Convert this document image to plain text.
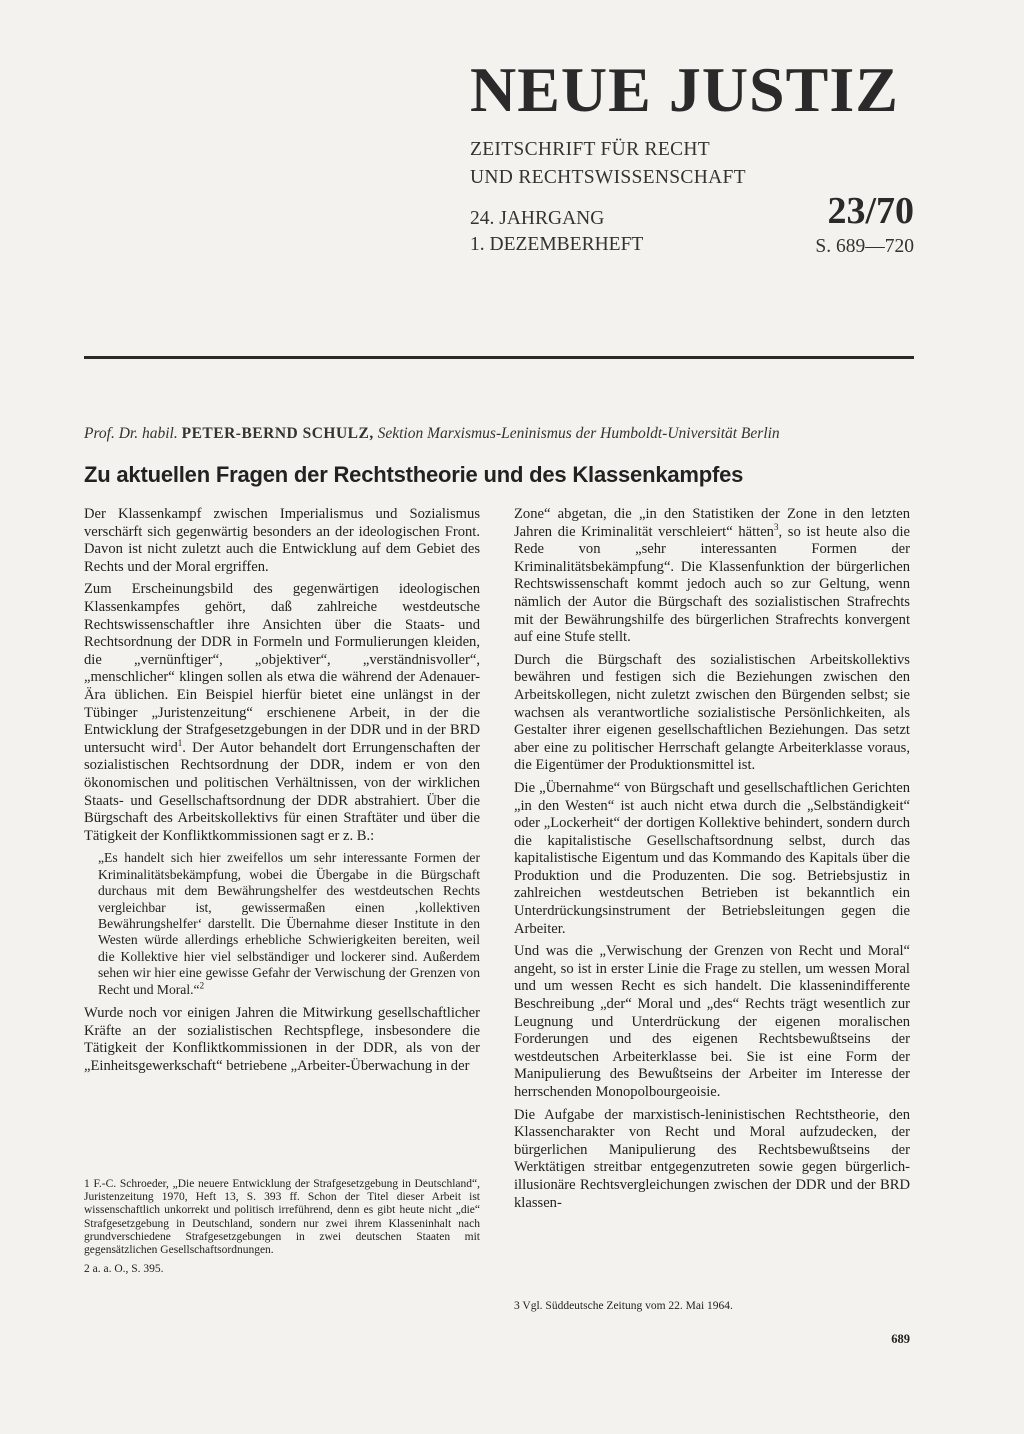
NEUE JUSTIZ
ZEITSCHRIFT FÜR RECHT
UND RECHTSWISSENSCHAFT
24. JAHRGANG
1. DEZEMBERHEFT
23/70
S. 689—720
Prof. Dr. habil. PETER-BERND SCHULZ, Sektion Marxismus-Leninismus der Humboldt-Universität Berlin
Zu aktuellen Fragen der Rechtstheorie und des Klassenkampfes

Der Klassenkampf zwischen Imperialismus und Sozialismus verschärft sich gegenwärtig besonders an der ideologischen Front. Davon ist nicht zuletzt auch die Entwicklung auf dem Gebiet des Rechts und der Moral ergriffen.

Zum Erscheinungsbild des gegenwärtigen ideologischen Klassenkampfes gehört, daß zahlreiche westdeutsche Rechtswissenschaftler ihre Ansichten über die Staats- und Rechtsordnung der DDR in Formeln und Formulierungen kleiden, die „vernünftiger“, „objektiver“, „verständnisvoller“, „menschlicher“ klingen sollen als etwa die während der Adenauer-Ära üblichen. Ein Beispiel hierfür bietet eine unlängst in der Tübinger „Juristenzeitung“ erschienene Arbeit, in der die Entwicklung der Strafgesetzgebungen in der DDR und in der BRD untersucht wird$^1$. Der Autor behandelt dort Errungenschaften der sozialistischen Rechtsordnung der DDR, indem er von den ökonomischen und politischen Verhältnissen, von der wirklichen Staats- und Gesellschaftsordnung der DDR abstrahiert. Über die Bürgschaft des Arbeitskollektivs für einen Straftäter und über die Tätigkeit der Konfliktkommissionen sagt er z. B.:

„Es handelt sich hier zweifellos um sehr interessante Formen der Kriminalitätsbekämpfung, wobei die Übergabe in die Bürgschaft durchaus mit dem Bewährungshelfer des westdeutschen Rechts vergleichbar ist, gewissermaßen einen ‚kollektiven Bewährungshelfer‘ darstellt. Die Übernahme dieser Institute in den Westen würde allerdings erhebliche Schwierigkeiten bereiten, weil die Kollektive hier viel selbständiger und lockerer sind. Außerdem sehen wir hier eine gewisse Gefahr der Verwischung der Grenzen von Recht und Moral.“$^2$

Wurde noch vor einigen Jahren die Mitwirkung gesellschaftlicher Kräfte an der sozialistischen Rechtspflege, insbesondere die Tätigkeit der Konfliktkommissionen in der DDR, als von der „Einheitsgewerkschaft“ betriebene „Arbeiter-Überwachung in der

Zone“ abgetan, die „in den Statistiken der Zone in den letzten Jahren die Kriminalität verschleiert“ hätten$^3$, so ist heute also die Rede von „sehr interessanten Formen der Kriminalitätsbekämpfung“. Die Klassenfunktion der bürgerlichen Rechtswissenschaft kommt jedoch auch so zur Geltung, wenn nämlich der Autor die Bürgschaft des sozialistischen Strafrechts mit der Bewährungshilfe des bürgerlichen Strafrechts konvergent auf eine Stufe stellt.

Durch die Bürgschaft des sozialistischen Arbeitskollektivs bewähren und festigen sich die Beziehungen zwischen den Arbeitskollegen, nicht zuletzt zwischen den Bürgenden selbst; sie wachsen als verantwortliche sozialistische Persönlichkeiten, als Gestalter ihrer eigenen gesellschaftlichen Beziehungen. Das setzt aber eine zu politischer Herrschaft gelangte Arbeiterklasse voraus, die Eigentümer der Produktionsmittel ist.

Die „Übernahme“ von Bürgschaft und gesellschaftlichen Gerichten „in den Westen“ ist auch nicht etwa durch die „Selbständigkeit“ oder „Lockerheit“ der dortigen Kollektive behindert, sondern durch die kapitalistische Gesellschaftsordnung selbst, durch das kapitalistische Eigentum und das Kommando des Kapitals über die Produktion und die Produzenten. Die sog. Betriebsjustiz in zahlreichen westdeutschen Betrieben ist bekanntlich ein Unterdrückungsinstrument der Betriebsleitungen gegen die Arbeiter.

Und was die „Verwischung der Grenzen von Recht und Moral“ angeht, so ist in erster Linie die Frage zu stellen, um wessen Moral und um wessen Recht es sich handelt. Die klassenindifferente Beschreibung „der“ Moral und „des“ Rechts trägt wesentlich zur Leugnung und Unterdrückung der eigenen moralischen Forderungen und des eigenen Rechtsbewußtseins der westdeutschen Arbeiterklasse bei. Sie ist eine Form der Manipulierung des Bewußtseins der Arbeiter im Interesse der herrschenden Monopolbourgeoisie.

Die Aufgabe der marxistisch-leninistischen Rechtstheorie, den Klassencharakter von Recht und Moral aufzudecken, der bürgerlichen Manipulierung des Rechtsbewußtseins der Werktätigen streitbar entgegenzutreten sowie gegen bürgerlich-illusionäre Rechtsvergleichungen zwischen der DDR und der BRD klassen-

1 F.-C. Schroeder, „Die neuere Entwicklung der Strafgesetzgebung in Deutschland“, Juristenzeitung 1970, Heft 13, S. 393 ff. Schon der Titel dieser Arbeit ist wissenschaftlich unkorrekt und politisch irreführend, denn es gibt heute nicht „die“ Strafgesetzgebung in Deutschland, sondern nur zwei ihrem Klasseninhalt nach grundverschiedene Strafgesetzgebungen in zwei deutschen Staaten mit gegensätzlichen Gesellschaftsordnungen.

2 a. a. O., S. 395.

3 Vgl. Süddeutsche Zeitung vom 22. Mai 1964.
689
